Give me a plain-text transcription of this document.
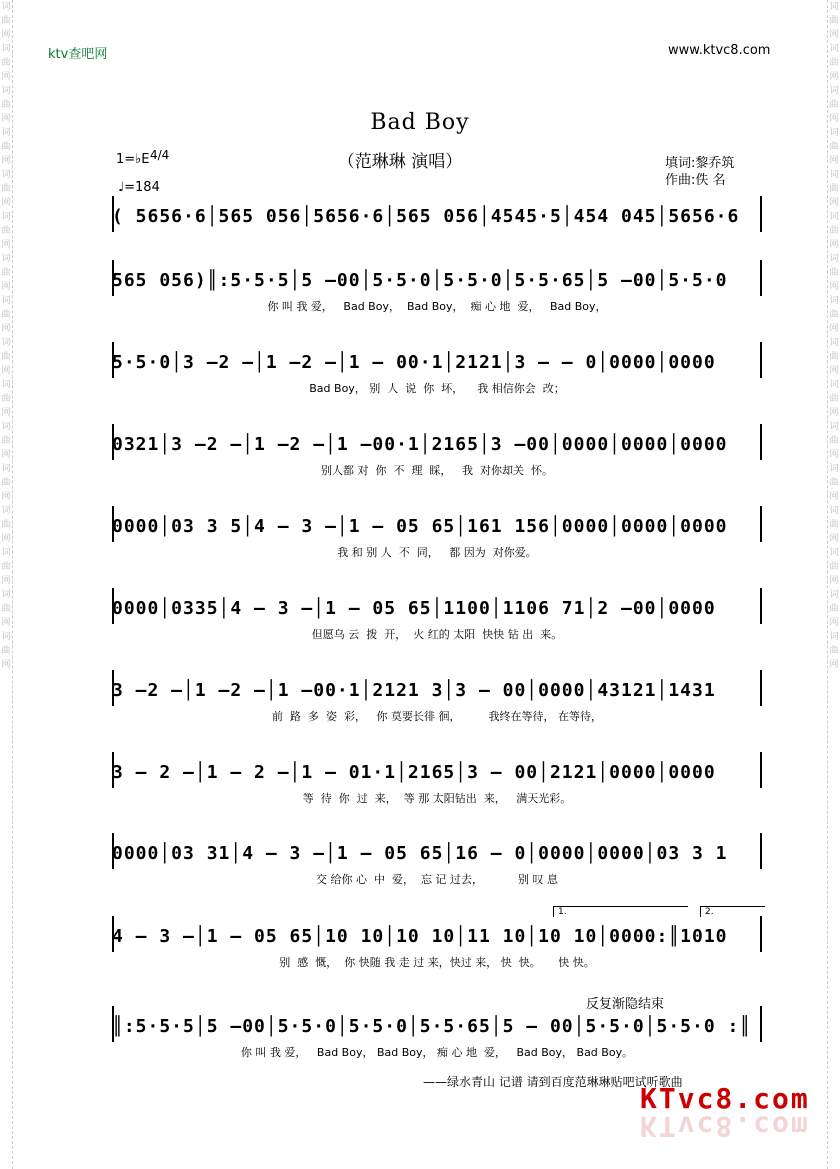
词曲网词曲网词曲网词曲网词曲网词曲网词曲网词曲网词曲网词曲网词曲网词曲网词曲网词曲网词曲网词曲网
词曲网词曲网词曲网词曲网词曲网词曲网词曲网词曲网词曲网词曲网词曲网词曲网词曲网词曲网词曲网词曲网
ktv查吧网	www.ktvc8.com
Bad Boy
（范琳琳 演唱）
1=♭E 4/4
♩=184
填词:黎乔筑
作曲:佚 名
( 5656·6│565 056│5656·6│565 056│4545·5│454 045│5656·6
565 056)║:5·5·5│5 —00│5·5·0│5·5·0│5·5·65│5 —00│5·5·0
你 叫 我 爱，   Bad Boy，  Bad Boy，  痴 心 地  爱，   Bad Boy，
5·5·0│3 —2 —│1 —2 —│1 — 00·1│2121│3 — — 0│0000│0000
Bad Boy， 别  人  说  你  坏，    我 相信你会  改；
0321│3 —2 —│1 —2 —│1 —00·1│2165│3 —00│0000│0000│0000
别人都 对  你  不  理  睬，   我  对你却关  怀。
0000│03 3 5│4 — 3 —│1 — 05 65│161 156│0000│0000│0000
我 和 别 人  不  同，   都 因为  对你爱。
0000│0335│4 — 3 —│1 — 05 65│1100│1106 71│2 —00│0000
但愿乌 云  拨  开，  火 红的 太阳  快快 钻 出  来。
3 —2 —│1 —2 —│1 —00·1│2121 3│3 — 00│0000│43121│1431
前  路  多  姿  彩，   你 莫要长徘 徊，        我终在等待， 在等待，
3 — 2 —│1 — 2 —│1 — 01·1│2165│3 — 00│2121│0000│0000
等  待  你  过  来，  等 那 太阳钻出  来，   满天光彩。
0000│03 31│4 — 3 —│1 — 05 65│16 — 0│0000│0000│03 3 1
交 给你 心  中  爱，  忘 记 过去，          别 叹 息
1.	2.
4 — 3 —│1 — 05 65│10 10│10 10│11 10│10 10│0000:║1010
别  感  慨，  你 快随 我 走 过 来，快过 来， 快  快。     快 快。
反复渐隐结束
║:5·5·5│5 —00│5·5·0│5·5·0│5·5·65│5 — 00│5·5·0│5·5·0 :║
你 叫 我 爱，   Bad Boy， Bad Boy， 痴 心 地  爱，   Bad Boy， Bad Boy。
——绿水青山 记谱 请到百度范琳琳贴吧试听歌曲
KTvc8.com
KTvc8.com
